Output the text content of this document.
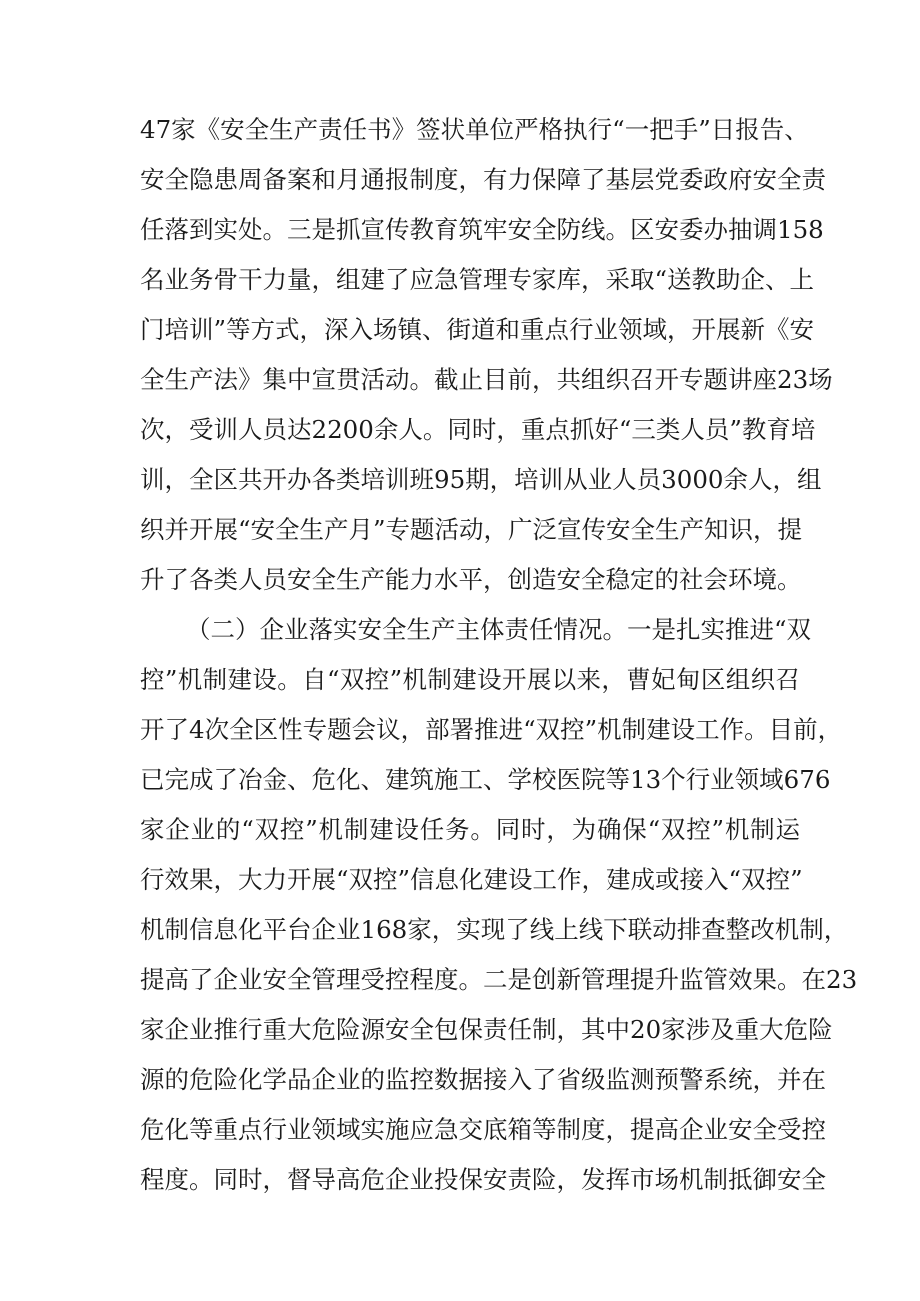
47家《安全生产责任书》签状单位严格执行“一把手”日报告、
安全隐患周备案和月通报制度，有力保障了基层党委政府安全责
任落到实处。三是抓宣传教育筑牢安全防线。区安委办抽调158
名业务骨干力量，组建了应急管理专家库，采取“送教助企、上
门培训”等方式，深入场镇、街道和重点行业领域，开展新《安
全生产法》集中宣贯活动。截止目前，共组织召开专题讲座23场
次，受训人员达2200余人。同时，重点抓好“三类人员”教育培
训，全区共开办各类培训班95期，培训从业人员3000余人，组
织并开展“安全生产月”专题活动，广泛宣传安全生产知识，提
升了各类人员安全生产能力水平，创造安全稳定的社会环境。
（二）企业落实安全生产主体责任情况。一是扎实推进“双
控”机制建设。自“双控”机制建设开展以来，曹妃甸区组织召
开了4次全区性专题会议，部署推进“双控”机制建设工作。目前，
已完成了冶金、危化、建筑施工、学校医院等13个行业领域676
家企业的“双控”机制建设任务。同时，为确保“双控”机制运
行效果，大力开展“双控”信息化建设工作，建成或接入“双控”
机制信息化平台企业168家，实现了线上线下联动排查整改机制，
提高了企业安全管理受控程度。二是创新管理提升监管效果。在23
家企业推行重大危险源安全包保责任制，其中20家涉及重大危险
源的危险化学品企业的监控数据接入了省级监测预警系统，并在
危化等重点行业领域实施应急交底箱等制度，提高企业安全受控
程度。同时，督导高危企业投保安责险，发挥市场机制抵御安全
